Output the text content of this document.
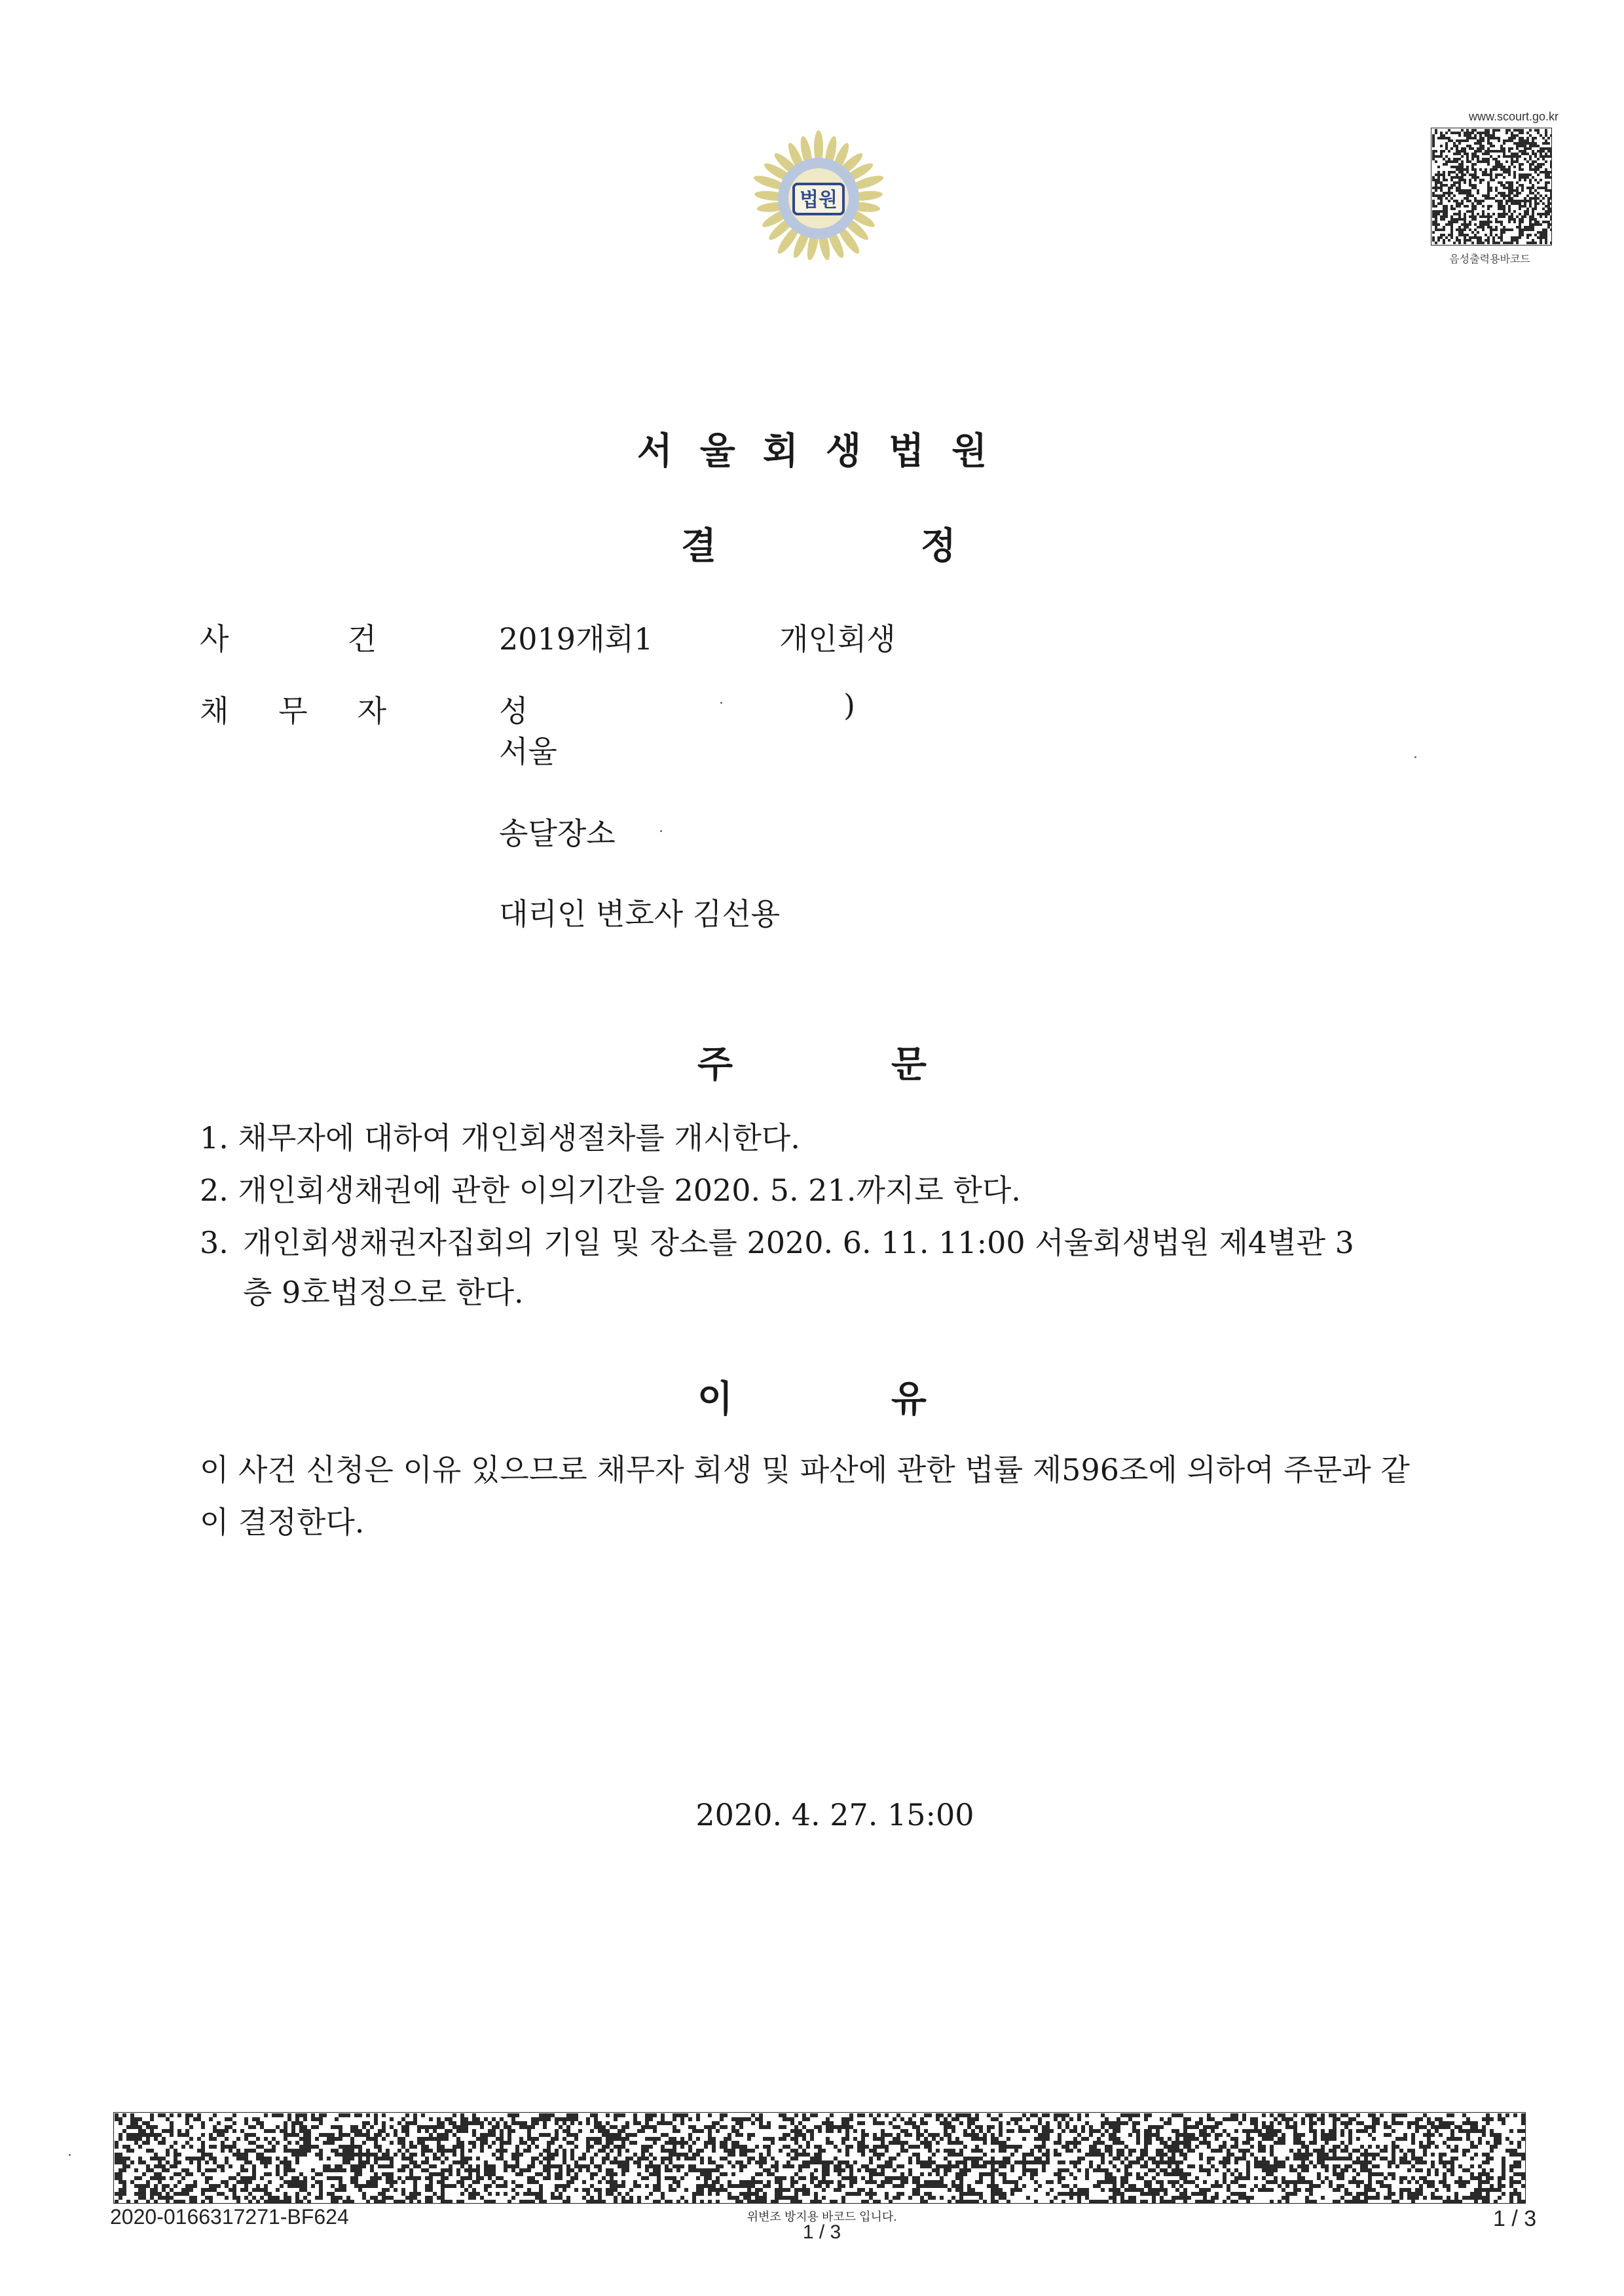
법원
www.scourt.go.kr
음성출력용바코드
서울회생법원
결	정
사	건	2019개회1	개인회생
채 무 자	성	)
서울
송달장소
대리인 변호사 김선용
주	문
1. 채무자에 대하여 개인회생절차를 개시한다.
2. 개인회생채권에 관한 이의기간을 2020. 5. 21.까지로 한다.
3. 개인회생채권자집회의 기일 및 장소를 2020. 6. 11. 11:00 서울회생법원 제4별관 3
층 9호법정으로 한다.
이	유
이 사건 신청은 이유 있으므로 채무자 회생 및 파산에 관한 법률 제596조에 의하여 주문과 같이 결정한다.
2020. 4. 27. 15:00
2020-0166317271-BF624	위변조 방지용 바코드 입니다.
1 / 3
1 / 3
